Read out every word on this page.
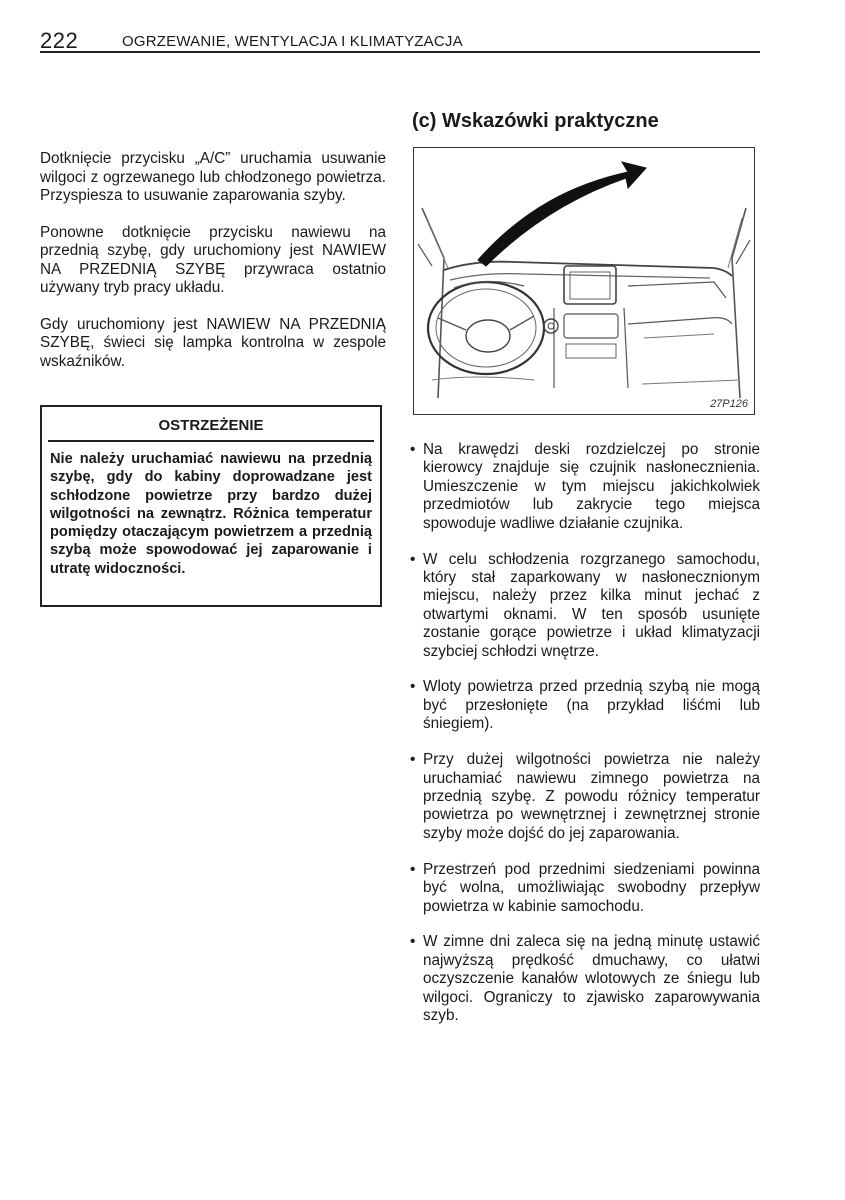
222	OGRZEWANIE, WENTYLACJA I KLIMATYZACJA

Dotknięcie przycisku „A/C” uruchamia usuwanie wilgoci z ogrzewanego lub chłodzonego powietrza. Przyspiesza to usuwanie zaparowania szyby.

Ponowne dotknięcie przycisku nawiewu na przednią szybę, gdy uruchomiony jest NAWIEW NA PRZEDNIĄ SZYBĘ przywraca ostatnio używany tryb pracy układu.

Gdy uruchomiony jest NAWIEW NA PRZEDNIĄ SZYBĘ, świeci się lampka kontrolna w zespole wskaźników.

OSTRZEŻENIE
Nie należy uruchamiać nawiewu na przednią szybę, gdy do kabiny doprowadzane jest schłodzone powietrze przy bardzo dużej wilgotności na zewnątrz. Różnica temperatur pomiędzy otaczającym powietrzem a przednią szybą może spowodować jej zaparowanie i utratę widoczności.
(c) Wskazówki praktyczne
27P126
• Na krawędzi deski rozdzielczej po stronie kierowcy znajduje się czujnik nasłonecznienia. Umieszczenie w tym miejscu jakichkolwiek przedmiotów lub zakrycie tego miejsca spowoduje wadliwe działanie czujnika.
• W celu schłodzenia rozgrzanego samochodu, który stał zaparkowany w nasłonecznionym miejscu, należy przez kilka minut jechać z otwartymi oknami. W ten sposób usunięte zostanie gorące powietrze i układ klimatyzacji szybciej schłodzi wnętrze.
• Wloty powietrza przed przednią szybą nie mogą być przesłonięte (na przykład liśćmi lub śniegiem).
• Przy dużej wilgotności powietrza nie należy uruchamiać nawiewu zimnego powietrza na przednią szybę. Z powodu różnicy temperatur powietrza po wewnętrznej i zewnętrznej stronie szyby może dojść do jej zaparowania.
• Przestrzeń pod przednimi siedzeniami powinna być wolna, umożliwiając swobodny przepływ powietrza w kabinie samochodu.
• W zimne dni zaleca się na jedną minutę ustawić najwyższą prędkość dmuchawy, co ułatwi oczyszczenie kanałów wlotowych ze śniegu lub wilgoci. Ograniczy to zjawisko zaparowywania szyb.
